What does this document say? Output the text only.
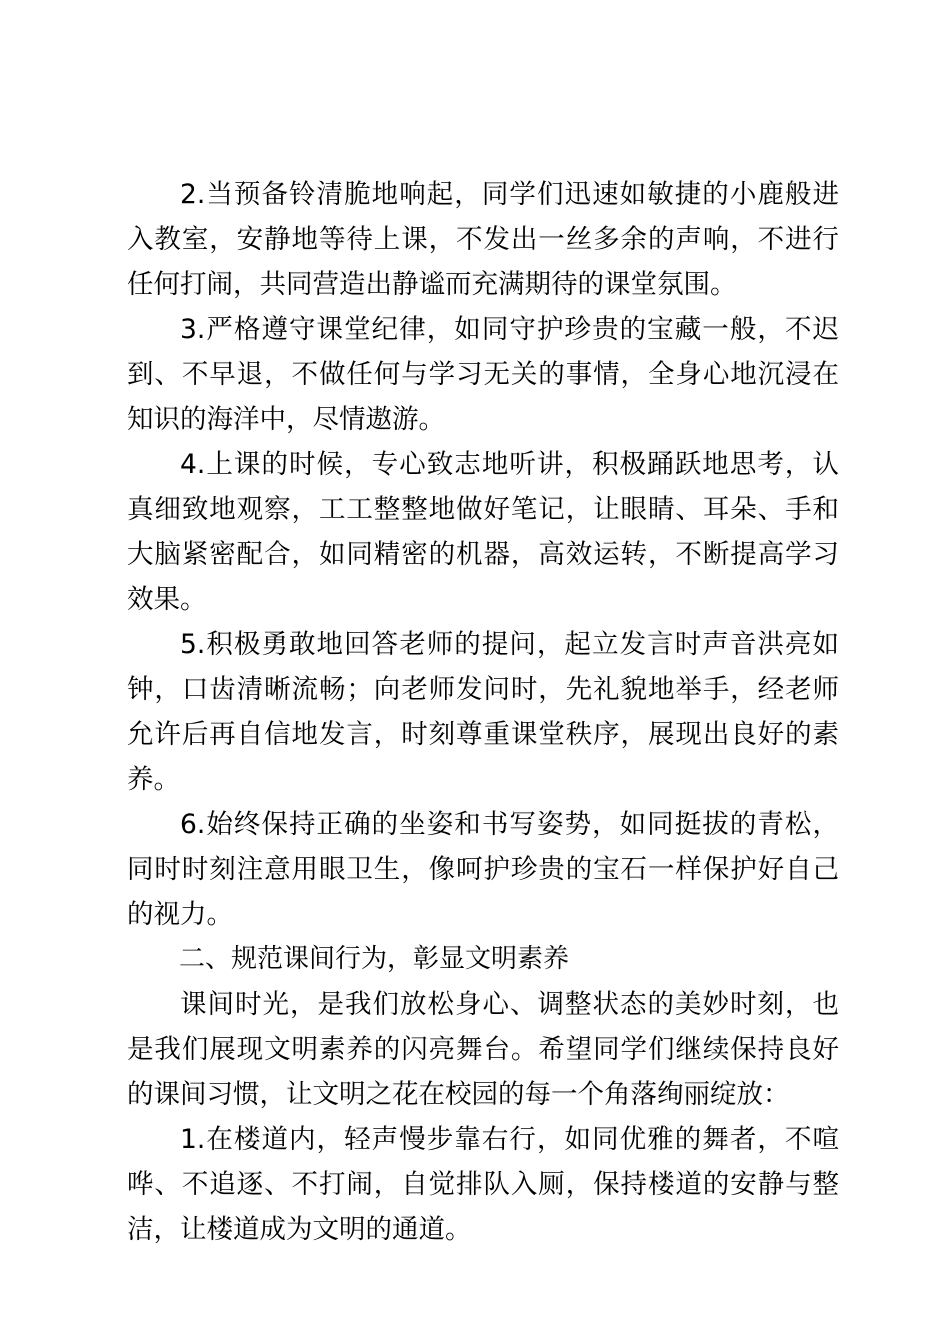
2.当预备铃清脆地响起，同学们迅速如敏捷的小鹿般进入教室，安静地等待上课，不发出一丝多余的声响，不进行任何打闹，共同营造出静谧而充满期待的课堂氛围。

3.严格遵守课堂纪律，如同守护珍贵的宝藏一般，不迟到、不早退，不做任何与学习无关的事情，全身心地沉浸在知识的海洋中，尽情遨游。

4.上课的时候，专心致志地听讲，积极踊跃地思考，认真细致地观察，工工整整地做好笔记，让眼睛、耳朵、手和大脑紧密配合，如同精密的机器，高效运转，不断提高学习效果。

5.积极勇敢地回答老师的提问，起立发言时声音洪亮如钟，口齿清晰流畅；向老师发问时，先礼貌地举手，经老师允许后再自信地发言，时刻尊重课堂秩序，展现出良好的素养。

6.始终保持正确的坐姿和书写姿势，如同挺拔的青松，同时时刻注意用眼卫生，像呵护珍贵的宝石一样保护好自己的视力。

二、规范课间行为，彰显文明素养

课间时光，是我们放松身心、调整状态的美妙时刻，也是我们展现文明素养的闪亮舞台。希望同学们继续保持良好的课间习惯，让文明之花在校园的每一个角落绚丽绽放：

1.在楼道内，轻声慢步靠右行，如同优雅的舞者，不喧哗、不追逐、不打闹，自觉排队入厕，保持楼道的安静与整洁，让楼道成为文明的通道。
